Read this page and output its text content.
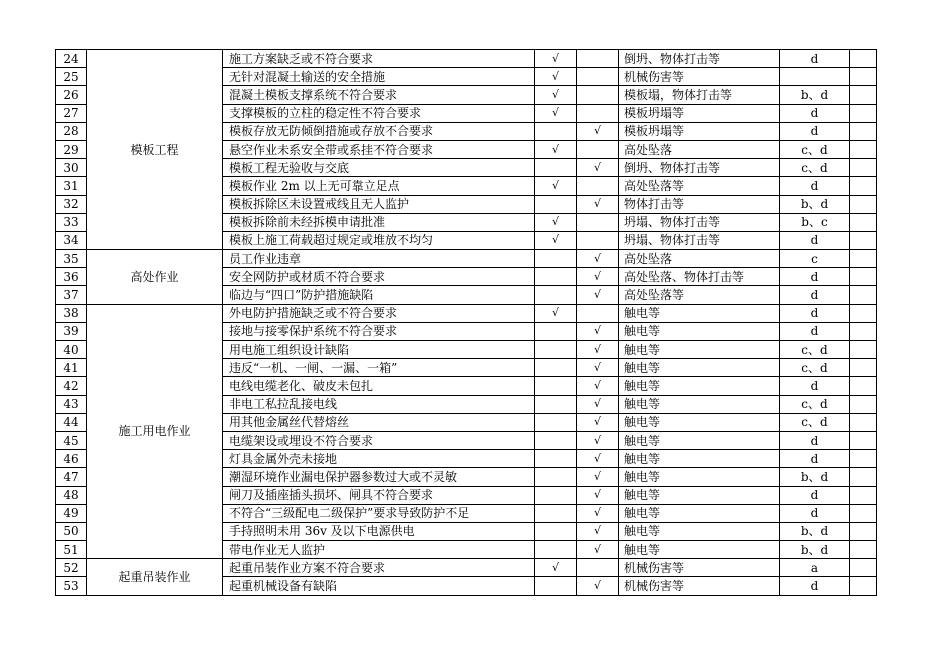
24	模板工程	施工方案缺乏或不符合要求	√		倒坍、物体打击等	d	
25		无针对混凝土输送的安全措施	√		机械伤害等		
26		混凝土模板支撑系统不符合要求	√		模板塌，物体打击等	b、d	
27		支撑模板的立柱的稳定性不符合要求	√		模板坍塌等	d	
28		模板存放无防倾倒措施或存放不合要求		√	模板坍塌等	d	
29		悬空作业未系安全带或系挂不符合要求	√		高处坠落	c、d	
30		模板工程无验收与交底		√	倒坍、物体打击等	c、d	
31		模板作业 2m 以上无可靠立足点	√		高处坠落等	d	
32		模板拆除区未设置戒线且无人监护		√	物体打击等	b、d	
33		模板拆除前未经拆模申请批准	√		坍塌、物体打击等	b、c	
34		模板上施工荷载超过规定或堆放不均匀	√		坍塌、物体打击等	d	
35	高处作业	员工作业违章		√	高处坠落	c	
36		安全网防护或材质不符合要求		√	高处坠落、物体打击等	d	
37		临边与“四口”防护措施缺陷		√	高处坠落等	d	
38	施工用电作业	外电防护措施缺乏或不符合要求	√		触电等	d	
39		接地与接零保护系统不符合要求		√	触电等	d	
40		用电施工组织设计缺陷		√	触电等	c、d	
41		违反“一机、一闸、一漏、一箱”		√	触电等	c、d	
42		电线电缆老化、破皮未包扎		√	触电等	d	
43		非电工私拉乱接电线		√	触电等	c、d	
44		用其他金属丝代替熔丝		√	触电等	c、d	
45		电缆架设或埋设不符合要求		√	触电等	d	
46		灯具金属外壳未接地		√	触电等	d	
47		潮湿环境作业漏电保护器参数过大或不灵敏		√	触电等	b、d	
48		闸刀及插座插头损坏、闸具不符合要求		√	触电等	d	
49		不符合“三级配电二级保护”要求导致防护不足		√	触电等	d	
50		手持照明未用 36v 及以下电源供电		√	触电等	b、d	
51		带电作业无人监护		√	触电等	b、d	
52	起重吊装作业	起重吊装作业方案不符合要求	√		机械伤害等	a	
53		起重机械设备有缺陷		√	机械伤害等	d	
